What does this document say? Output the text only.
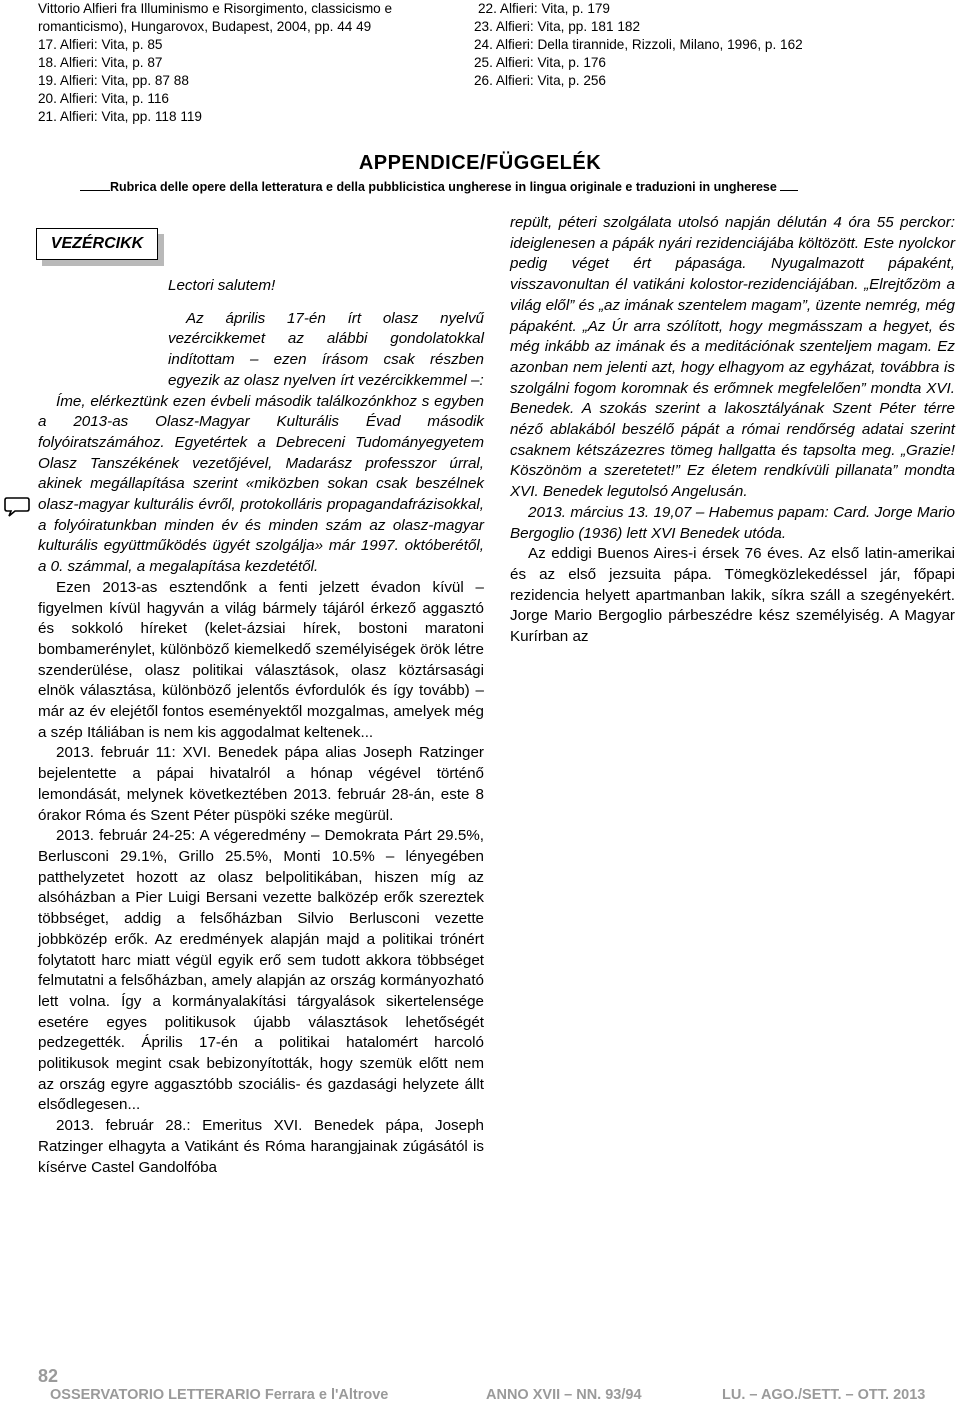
Vittorio Alfieri fra Illuminismo e Risorgimento, classicismo e
romanticismo), Hungarovox, Budapest, 2004, pp. 44 49
17. Alfieri: Vita, p. 85
18. Alfieri: Vita, p. 87
19. Alfieri: Vita, pp. 87 88
20. Alfieri: Vita, p. 116
21. Alfieri: Vita, pp. 118 119
22. Alfieri: Vita, p. 179
23. Alfieri: Vita, pp. 181 182
24. Alfieri: Della tirannide, Rizzoli, Milano, 1996, p. 162
25. Alfieri: Vita, p. 176
26. Alfieri: Vita, p. 256
APPENDICE/FÜGGELÉK
Rubrica delle opere della letteratura e della pubblicistica ungherese in lingua originale e traduzioni in ungherese
VEZÉRCIKK

Lectori salutem!

Az április 17-én írt olasz nyelvű vezércikkemet az alábbi gondolatokkal indítottam – ezen írásom csak részben egyezik az olasz nyelven írt vezércikkemmel –:

Íme, elérkeztünk ezen évbeli második találkozónkhoz s egyben a 2013-as Olasz-Magyar Kulturális Évad második folyóiratszámához. Egyetértek a Debreceni Tudományegyetem Olasz Tanszékének vezetőjével, Madarász professzor úrral, akinek megállapítása szerint «miközben sokan csak beszélnek olasz-magyar kulturális évről, protokolláris propagandafrázisokkal, a folyóiratunkban minden év és minden szám az olasz-magyar kulturális együttműködés ügyét szolgálja» már 1997. októberétől, a 0. számmal, a megalapítása kezdetétől.

Ezen 2013-as esztendőnk a fenti jelzett évadon kívül – figyelmen kívül hagyván a világ bármely tájáról érkező aggasztó és sokkoló híreket (kelet-ázsiai hírek, bostoni maratoni bombamerénylet, különböző kiemelkedő személyiségek örök létre szenderülése, olasz politikai választások, olasz köztársasági elnök választása, különböző jelentős évfordulók és így tovább) – már az év elejétől fontos eseményektől mozgalmas, amelyek még a szép Itáliában is nem kis aggodalmat keltenek...

2013. február 11: XVI. Benedek pápa alias Joseph Ratzinger bejelentette a pápai hivatalról a hónap végével történő lemondását, melynek következtében 2013. február 28-án, este 8 órakor Róma és Szent Péter püspöki széke megürül.

2013. február 24-25: A végeredmény – Demokrata Párt 29.5%, Berlusconi 29.1%, Grillo 25.5%, Monti 10.5% – lényegében patthelyzetet hozott az olasz belpolitikában, hiszen míg az alsóházban a Pier Luigi Bersani vezette balközép erők szereztek többséget, addig a felsőházban Silvio Berlusconi vezette jobbközép erők. Az eredmények alapján majd a politikai trónért folytatott harc miatt végül egyik erő sem tudott akkora többséget felmutatni a felsőházban, amely alapján az ország kormányozható lett volna. Így a kormányalakítási tárgyalások sikertelensége esetére egyes politikusok újabb választások lehetőségét pedzegették. Április 17-én a politikai hatalomért harcoló politikusok megint csak bebizonyították, hogy szemük előtt nem az ország egyre aggasztóbb szociális- és gazdasági helyzete állt elsődlegesen...

2013. február 28.: Emeritus XVI. Benedek pápa, Joseph Ratzinger elhagyta a Vatikánt és Róma harangjainak zúgásától is kísérve Castel Gandolfóba

repült, péteri szolgálata utolsó napján délután 4 óra 55 perckor: ideiglenesen a pápák nyári rezidenciájába költözött. Este nyolckor pedig véget ért pápasága. Nyugalmazott pápaként, visszavonultan él vatikáni kolostor-rezidenciájában. „Elrejtőzöm a világ elől” és „az imának szentelem magam”, üzente nemrég, még pápaként. „Az Úr arra szólított, hogy megmásszam a hegyet, és még inkább az imának és a meditációnak szenteljem magam. Ez azonban nem jelenti azt, hogy elhagyom az egyházat, továbbra is szolgálni fogom koromnak és erőmnek megfelelően” mondta XVI. Benedek. A szokás szerint a lakosztályának Szent Péter térre néző ablakából beszélő pápát a római rendőrség adatai szerint csaknem kétszázezres tömeg hallgatta és tapsolta meg. „Grazie! Köszönöm a szeretetet!” Ez életem rendkívüli pillanata” mondta XVI. Benedek legutolsó Angelusán.

2013. március 13. 19,07 – Habemus papam: Card. Jorge Mario Bergoglio (1936) lett XVI Benedek utóda.

Az eddigi Buenos Aires-i érsek 76 éves. Az első latin-amerikai és az első jezsuita pápa. Tömegközlekedéssel jár, főpapi rezidencia helyett apartmanban lakik, síkra száll a szegényekért. Jorge Mario Bergoglio párbeszédre kész személyiség. A Magyar Kurírban az

82
OSSERVATORIO LETTERARIO Ferrara e l'Altrove	ANNO XVII – NN. 93/94	LU. – AGO./SETT. – OTT. 2013
